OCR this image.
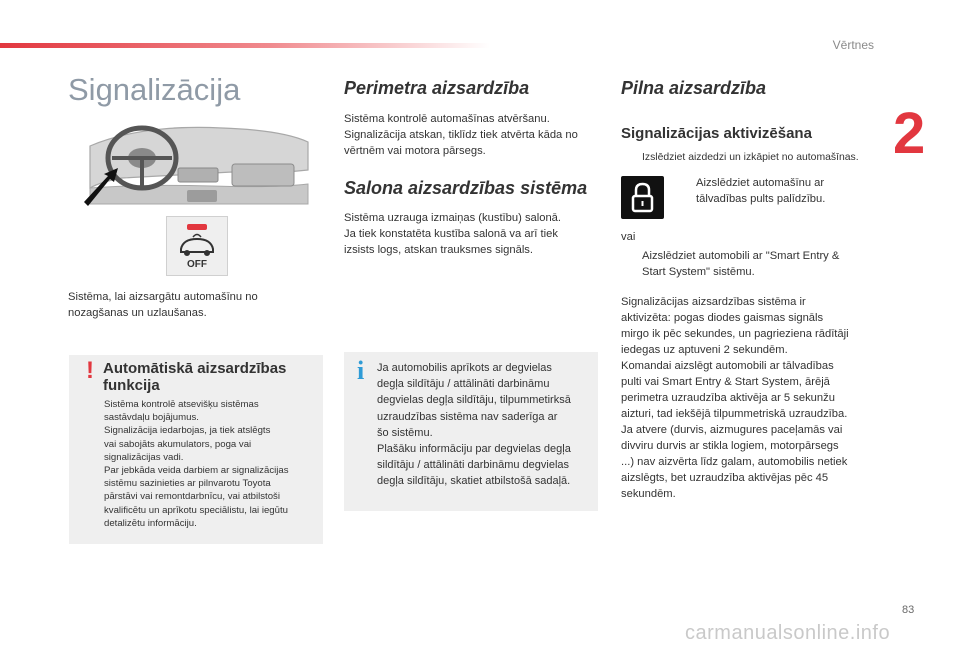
Vērtnes
2
Signalizācija
OFF
Sistēma, lai aizsargātu automašīnu no
nozagšanas un uzlaušanas.
! Automātiskā aizsardzības funkcija
Sistēma kontrolē atsevišķu sistēmas
sastāvdaļu bojājumus.
Signalizācija iedarbojas, ja tiek atslēgts
vai sabojāts akumulators, poga vai
signalizācijas vadi.
Par jebkāda veida darbiem ar signalizācijas
sistēmu sazinieties ar pilnvarotu Toyota
pārstāvi vai remontdarbnīcu, vai atbilstoši
kvalificētu un aprīkotu speciālistu, lai iegūtu
detalizētu informāciju.
Perimetra aizsardzība
Sistēma kontrolē automašīnas atvēršanu.
Signalizācija atskan, tiklīdz tiek atvērta kāda no
vērtnēm vai motora pārsegs.
Salona aizsardzības sistēma
Sistēma uzrauga izmaiņas (kustību) salonā.
Ja tiek konstatēta kustība salonā va arī tiek
izsists logs, atskan trauksmes signāls.
i Ja automobilis aprīkots ar degvielas
degļa sildītāju / attālināti darbināmu
degvielas degļa sildītāju, tilpummetirksā
uzraudzības sistēma nav saderīga ar
šo sistēmu.
Plašāku informāciju par degvielas degļa
sildītāju / attālināti darbināmu degvielas
degļa sildītāju, skatiet atbilstošā sadaļā.
Pilna aizsardzība
Signalizācijas aktivizēšana
Izslēdziet aizdedzi un izkāpiet no automašīnas.
Aizslēdziet automašīnu ar
tālvadības pults palīdzību.
vai
Aizslēdziet automobili ar "Smart Entry &
Start System" sistēmu.
Signalizācijas aizsardzības sistēma ir
aktivizēta: pogas diodes gaismas signāls
mirgo ik pēc sekundes, un pagrieziena rādītāji
iedegas uz aptuveni 2 sekundēm.
Komandai aizslēgt automobili ar tālvadības
pulti vai Smart Entry & Start System, ārējā
perimetra uzraudzība aktivēja ar 5 sekunžu
aizturi, tad iekšējā tilpummetriskā uzraudzība.
Ja atvere (durvis, aizmugures paceļamās vai
divviru durvis ar stikla logiem, motorpārsegs
...) nav aizvērta līdz galam, automobilis netiek
aizslēgts, bet uzraudzība aktivējas pēc 45
sekundēm.
83
carmanualsonline.info
